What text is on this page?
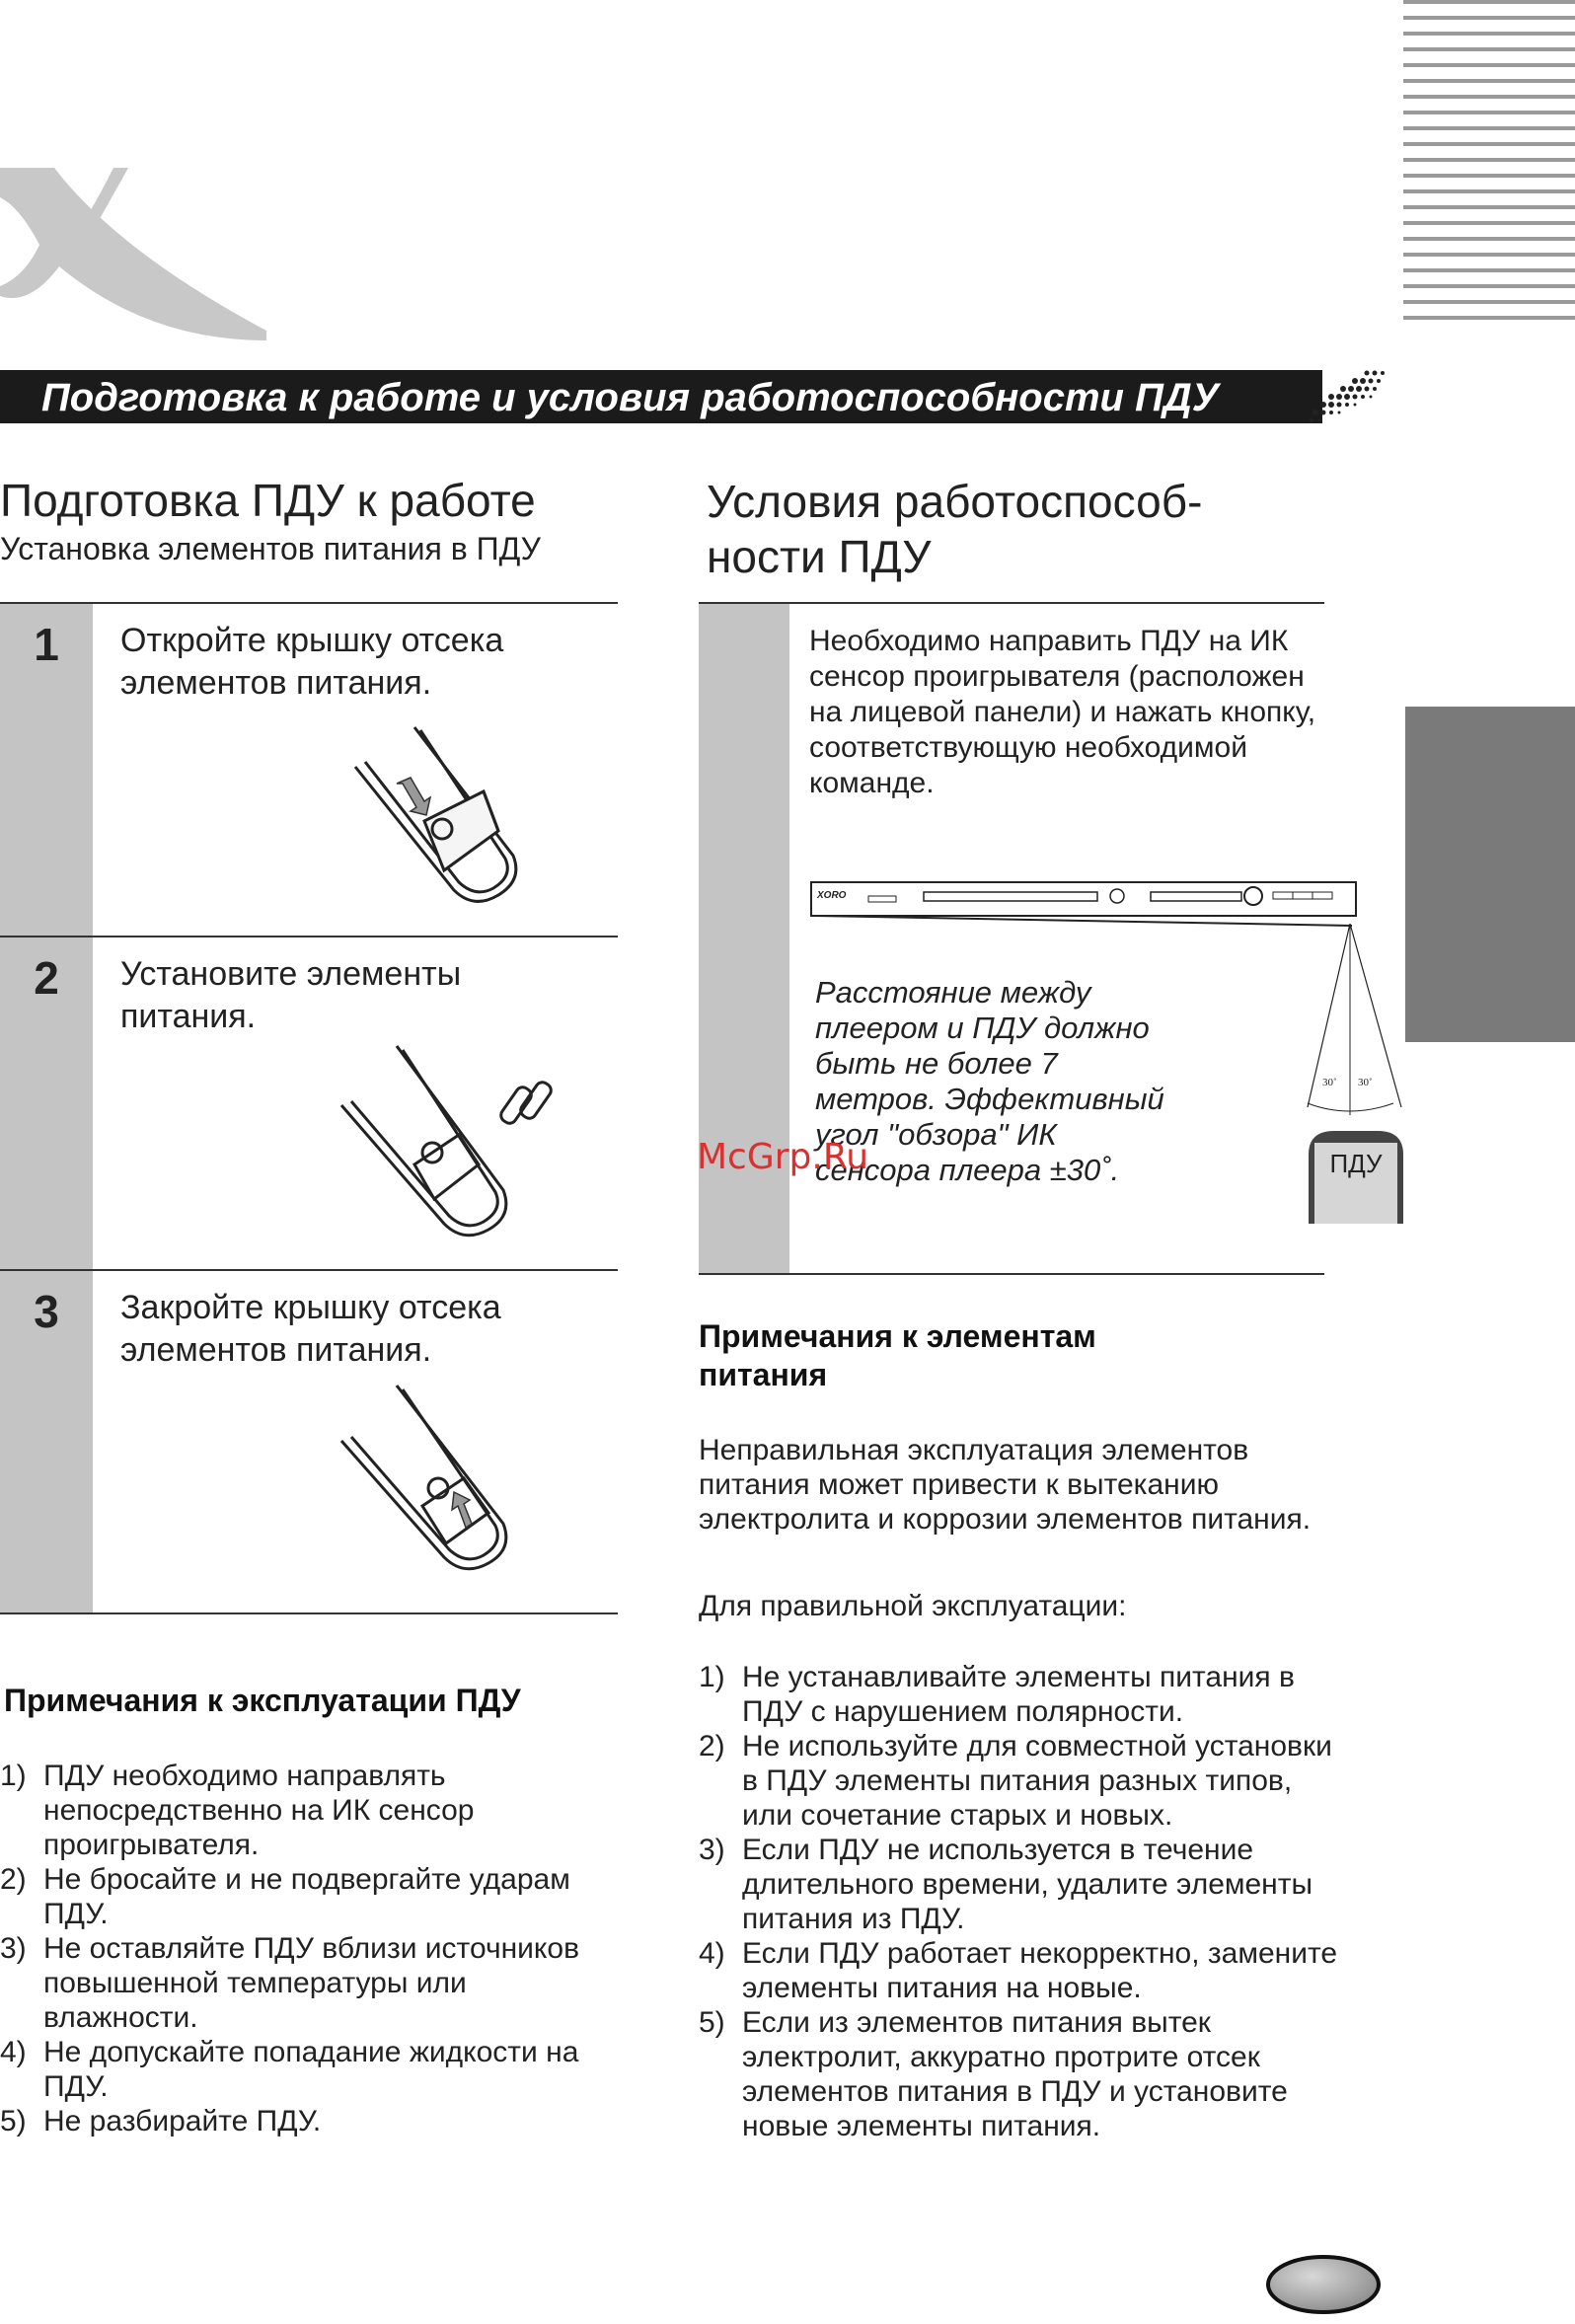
Подготовка к работе и условия работоспособности ПДУ
Подготовка ПДУ к работе
Установка элементов питания в ПДУ
1	Откройте крышку отсека элементов питания.
2	Установите элементы питания.
3	Закройте крышку отсека элементов питания.
Примечания к эксплуатации ПДУ
1) ПДУ необходимо направлять непосредственно на ИК сенсор проигрывателя.
2) Не бросайте и не подвергайте ударам ПДУ.
3) Не оставляйте ПДУ вблизи источников повышенной температуры или влажности.
4) Не допускайте попадание жидкости на ПДУ.
5) Не разбирайте ПДУ.
Условия работоспособ-ности ПДУ
Необходимо направить ПДУ на ИК сенсор проигрывателя (расположен на лицевой панели) и нажать кнопку, соответствующую необходимой команде.
XORO
30˚ 30˚
Расстояние между плеером и ПДУ должно быть не более 7 метров. Эффективный угол "обзора" ИК сенсора плеера ±30˚.
McGrp.Ru	ПДУ
Примечания к элементам питания
Неправильная эксплуатация элементов питания может привести к вытеканию электролита и коррозии элементов питания.
Для правильной эксплуатации:
1) Не устанавливайте элементы питания в ПДУ с нарушением полярности.
2) Не используйте для совместной установки в ПДУ элементы питания разных типов, или сочетание старых и новых.
3) Если ПДУ не используется в течение длительного времени, удалите элементы питания из ПДУ.
4) Если ПДУ работает некорректно, замените элементы питания на новые.
5) Если из элементов питания вытек электролит, аккуратно протрите отсек элементов питания в ПДУ и установите новые элементы питания.
